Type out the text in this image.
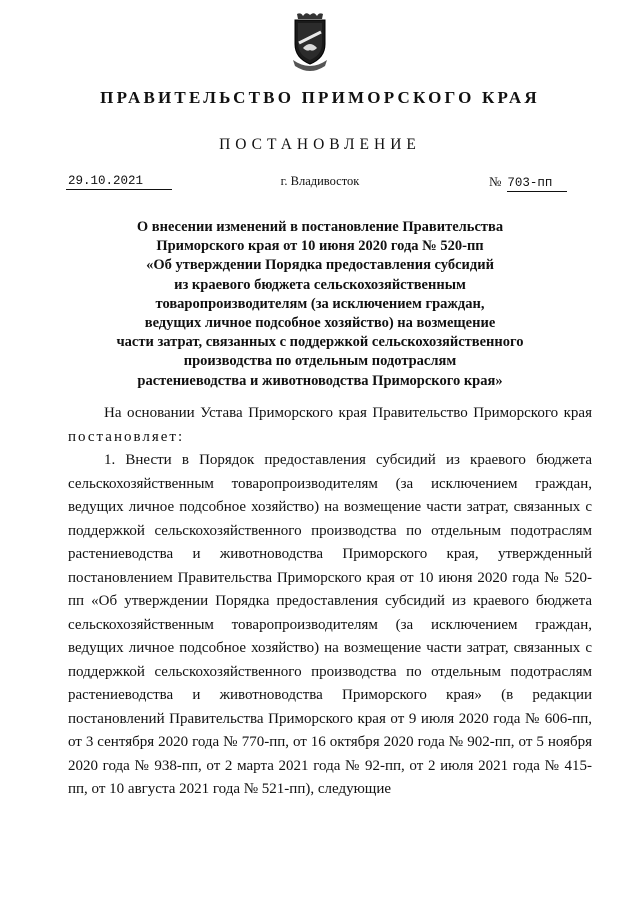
ПРАВИТЕЛЬСТВО ПРИМОРСКОГО КРАЯ
ПОСТАНОВЛЕНИЕ
29.10.2021	г. Владивосток	№ 703-пп
О внесении изменений в постановление Правительства
Приморского края от 10 июня 2020 года № 520-пп
«Об утверждении Порядка предоставления субсидий
из краевого бюджета сельскохозяйственным
товаропроизводителям (за исключением граждан,
ведущих личное подсобное хозяйство) на возмещение
части затрат, связанных с поддержкой сельскохозяйственного
производства по отдельным подотраслям
растениеводства и животноводства Приморского края»

На основании Устава Приморского края Правительство Приморского края постановляет:

1. Внести в Порядок предоставления субсидий из краевого бюджета сельскохозяйственным товаропроизводителям (за исключением граждан, ведущих личное подсобное хозяйство) на возмещение части затрат, связанных с поддержкой сельскохозяйственного производства по отдельным подотраслям растениеводства и животноводства Приморского края, утвержденный постановлением Правительства Приморского края от 10 июня 2020 года № 520-пп «Об утверждении Порядка предоставления субсидий из краевого бюджета сельскохозяйственным товаропроизводителям (за исключением граждан, ведущих личное подсобное хозяйство) на возмещение части затрат, связанных с поддержкой сельскохозяйственного производства по отдельным подотраслям растениеводства и животноводства Приморского края» (в редакции постановлений Правительства Приморского края от 9 июля 2020 года № 606-пп, от 3 сентября 2020 года № 770-пп, от 16 октября 2020 года № 902-пп, от 5 ноября 2020 года № 938-пп, от 2 марта 2021 года № 92-пп, от 2 июля 2021 года № 415-пп, от 10 августа 2021 года № 521-пп), следующие
